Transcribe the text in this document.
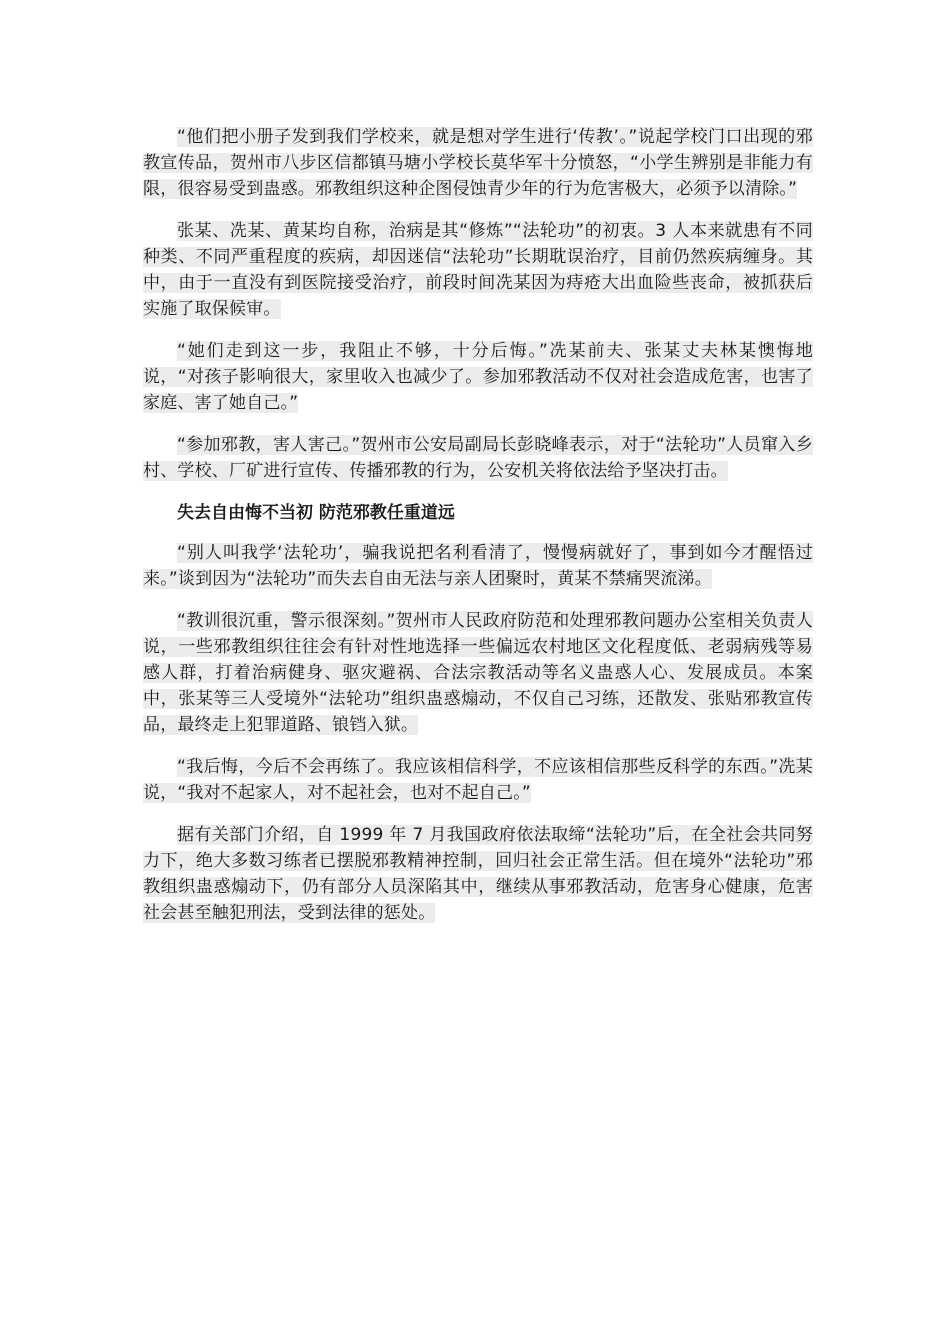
“他们把小册子发到我们学校来，就是想对学生进行‘传教’。”说起学校门口出现的邪教宣传品，贺州市八步区信都镇马塘小学校长莫华军十分愤怒，“小学生辨别是非能力有限，很容易受到蛊惑。邪教组织这种企图侵蚀青少年的行为危害极大，必须予以清除。”

张某、冼某、黄某均自称，治病是其“修炼”“法轮功”的初衷。3 人本来就患有不同种类、不同严重程度的疾病，却因迷信“法轮功”长期耽误治疗，目前仍然疾病缠身。其中，由于一直没有到医院接受治疗，前段时间冼某因为痔疮大出血险些丧命，被抓获后实施了取保候审。

“她们走到这一步，我阻止不够，十分后悔。”冼某前夫、张某丈夫林某懊悔地说，“对孩子影响很大，家里收入也减少了。参加邪教活动不仅对社会造成危害，也害了家庭、害了她自己。”

“参加邪教，害人害己。”贺州市公安局副局长彭晓峰表示，对于“法轮功”人员窜入乡村、学校、厂矿进行宣传、传播邪教的行为，公安机关将依法给予坚决打击。

失去自由悔不当初 防范邪教任重道远

“别人叫我学‘法轮功’，骗我说把名利看清了，慢慢病就好了，事到如今才醒悟过来。”谈到因为“法轮功”而失去自由无法与亲人团聚时，黄某不禁痛哭流涕。

“教训很沉重，警示很深刻。”贺州市人民政府防范和处理邪教问题办公室相关负责人说，一些邪教组织往往会有针对性地选择一些偏远农村地区文化程度低、老弱病残等易感人群，打着治病健身、驱灾避祸、合法宗教活动等名义蛊惑人心、发展成员。本案中，张某等三人受境外“法轮功”组织蛊惑煽动，不仅自己习练，还散发、张贴邪教宣传品，最终走上犯罪道路、锒铛入狱。

“我后悔，今后不会再练了。我应该相信科学，不应该相信那些反科学的东西。”冼某说，“我对不起家人，对不起社会，也对不起自己。”

据有关部门介绍，自 1999 年 7 月我国政府依法取缔“法轮功”后，在全社会共同努力下，绝大多数习练者已摆脱邪教精神控制，回归社会正常生活。但在境外“法轮功”邪教组织蛊惑煽动下，仍有部分人员深陷其中，继续从事邪教活动，危害身心健康，危害社会甚至触犯刑法，受到法律的惩处。
